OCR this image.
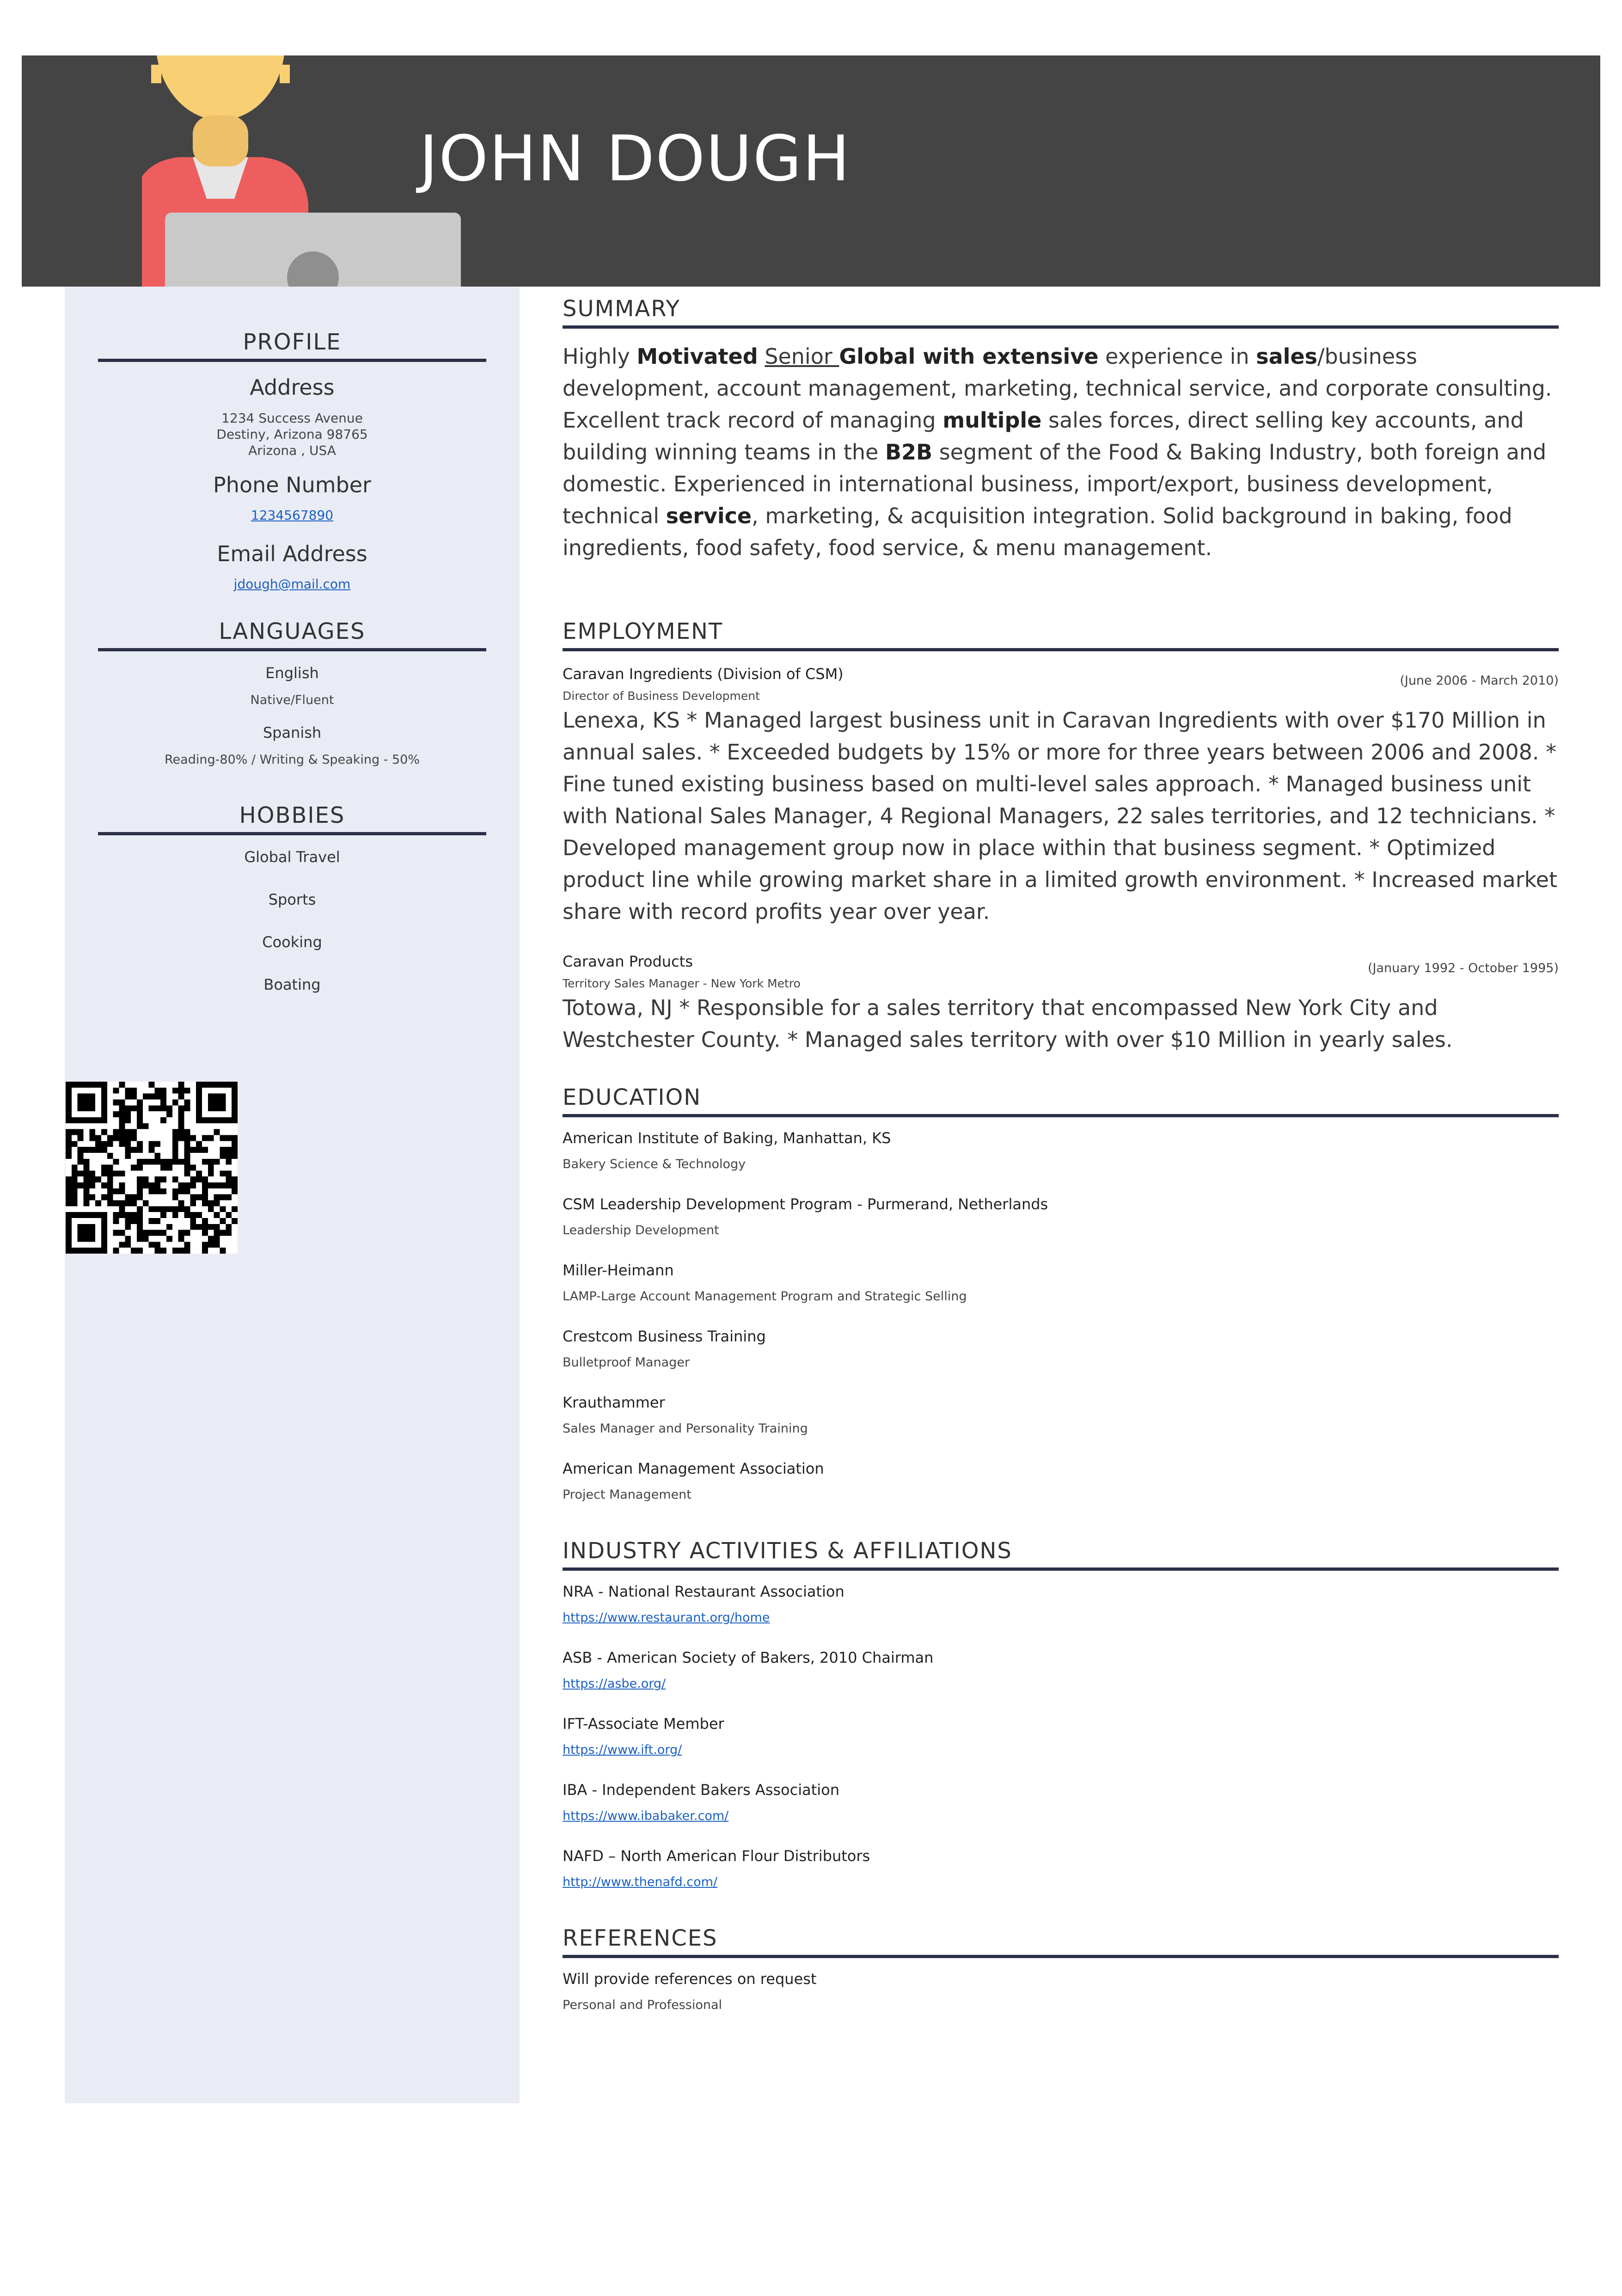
JOHN DOUGH
PROFILE
Address
1234 Success Avenue
Destiny, Arizona 98765
Arizona , USA
Phone Number
1234567890
Email Address
jdough@mail.com
LANGUAGES
English
Native/Fluent
Spanish
Reading-80% / Writing & Speaking - 50%
HOBBIES
Global Travel
Sports
Cooking
Boating
SUMMARY
Highly Motivated Senior Global with extensive experience in sales/business development, account management, marketing, technical service, and corporate consulting. Excellent track record of managing multiple sales forces, direct selling key accounts, and building winning teams in the B2B segment of the Food & Baking Industry, both foreign and domestic. Experienced in international business, import/export, business development, technical service, marketing, & acquisition integration. Solid background in baking, food ingredients, food safety, food service, & menu management.
EMPLOYMENT
Caravan Ingredients (Division of CSM)	(June 2006 - March 2010)
Director of Business Development
Lenexa, KS * Managed largest business unit in Caravan Ingredients with over $170 Million in annual sales. * Exceeded budgets by 15% or more for three years between 2006 and 2008. * Fine tuned existing business based on multi-level sales approach. * Managed business unit with National Sales Manager, 4 Regional Managers, 22 sales territories, and 12 technicians. * Developed management group now in place within that business segment. * Optimized product line while growing market share in a limited growth environment. * Increased market share with record profits year over year.
Caravan Products	(January 1992 - October 1995)
Territory Sales Manager - New York Metro
Totowa, NJ * Responsible for a sales territory that encompassed New York City and Westchester County. * Managed sales territory with over $10 Million in yearly sales.
EDUCATION
American Institute of Baking, Manhattan, KS
Bakery Science & Technology
CSM Leadership Development Program - Purmerand, Netherlands
Leadership Development
Miller-Heimann
LAMP-Large Account Management Program and Strategic Selling
Crestcom Business Training
Bulletproof Manager
Krauthammer
Sales Manager and Personality Training
American Management Association
Project Management
INDUSTRY ACTIVITIES & AFFILIATIONS
NRA - National Restaurant Association
https://www.restaurant.org/home
ASB - American Society of Bakers, 2010 Chairman
https://asbe.org/
IFT-Associate Member
https://www.ift.org/
IBA - Independent Bakers Association
https://www.ibabaker.com/
NAFD – North American Flour Distributors
http://www.thenafd.com/
REFERENCES
Will provide references on request
Personal and Professional
